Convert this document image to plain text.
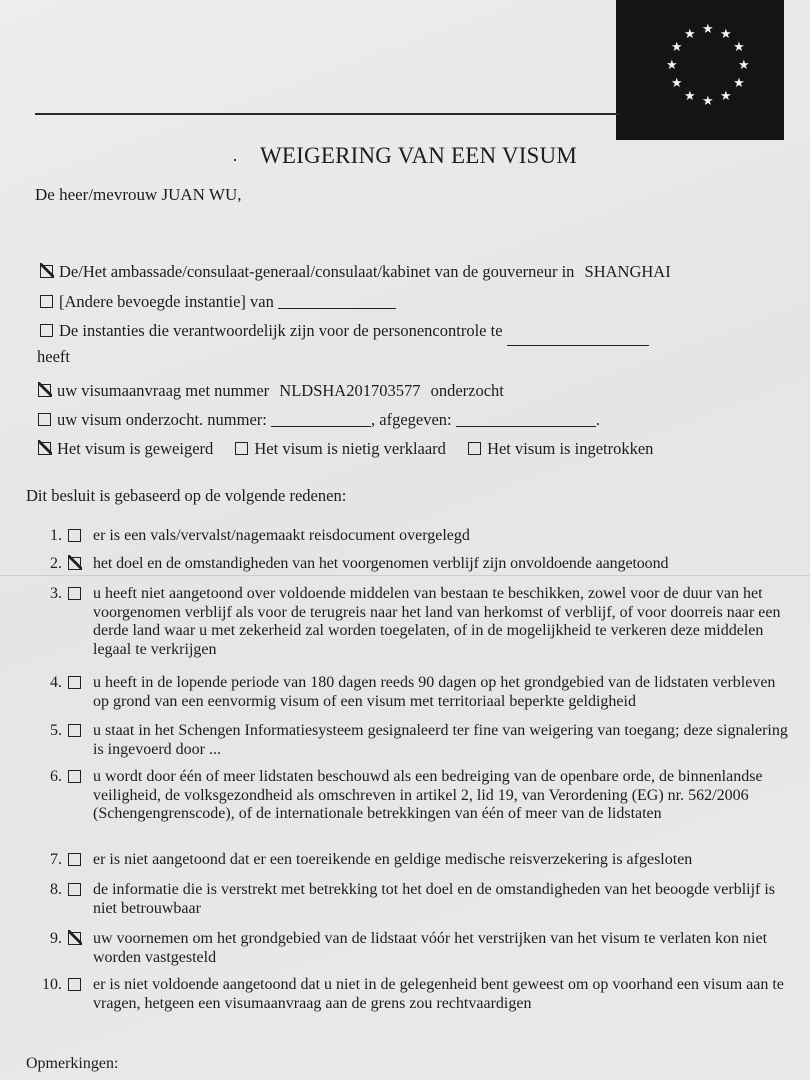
★ ★
★
★
★
★
★
★
★
★
★
★
· WEIGERING VAN EEN VISUM
De heer/mevrouw JUAN WU,
De/Het ambassade/consulaat-generaal/consulaat/kabinet van de gouverneur in SHANGHAI
[Andere bevoegde instantie] van
De instanties die verantwoordelijk zijn voor de personencontrole te
heeft
uw visumaanvraag met nummer NLDSHA201703577 onderzocht
uw visum onderzocht. nummer:	, afgegeven:	.
Het visum is geweigerd Het visum is nietig verklaard Het visum is ingetrokken
Dit besluit is gebaseerd op de volgende redenen:
1. er is een vals/vervalst/nagemaakt reisdocument overgelegd
2. het doel en de omstandigheden van het voorgenomen verblijf zijn onvoldoende aangetoond
3. u heeft niet aangetoond over voldoende middelen van bestaan te beschikken, zowel voor de duur van het voorgenomen verblijf als voor de terugreis naar het land van herkomst of verblijf, of voor doorreis naar een derde land waar u met zekerheid zal worden toegelaten, of in de mogelijkheid te verkeren deze middelen legaal te verkrijgen
4. u heeft in de lopende periode van 180 dagen reeds 90 dagen op het grondgebied van de lidstaten verbleven op grond van een eenvormig visum of een visum met territoriaal beperkte geldigheid
5. u staat in het Schengen Informatiesysteem gesignaleerd ter fine van weigering van toegang; deze signalering is ingevoerd door ...
6. u wordt door één of meer lidstaten beschouwd als een bedreiging van de openbare orde, de binnenlandse veiligheid, de volksgezondheid als omschreven in artikel 2, lid 19, van Verordening (EG) nr. 562/2006 (Schengengrenscode), of de internationale betrekkingen van één of meer van de lidstaten
7. er is niet aangetoond dat er een toereikende en geldige medische reisverzekering is afgesloten
8. de informatie die is verstrekt met betrekking tot het doel en de omstandigheden van het beoogde verblijf is niet betrouwbaar
9. uw voornemen om het grondgebied van de lidstaat vóór het verstrijken van het visum te verlaten kon niet worden vastgesteld
10. er is niet voldoende aangetoond dat u niet in de gelegenheid bent geweest om op voorhand een visum aan te vragen, hetgeen een visumaanvraag aan de grens zou rechtvaardigen
Opmerkingen:
